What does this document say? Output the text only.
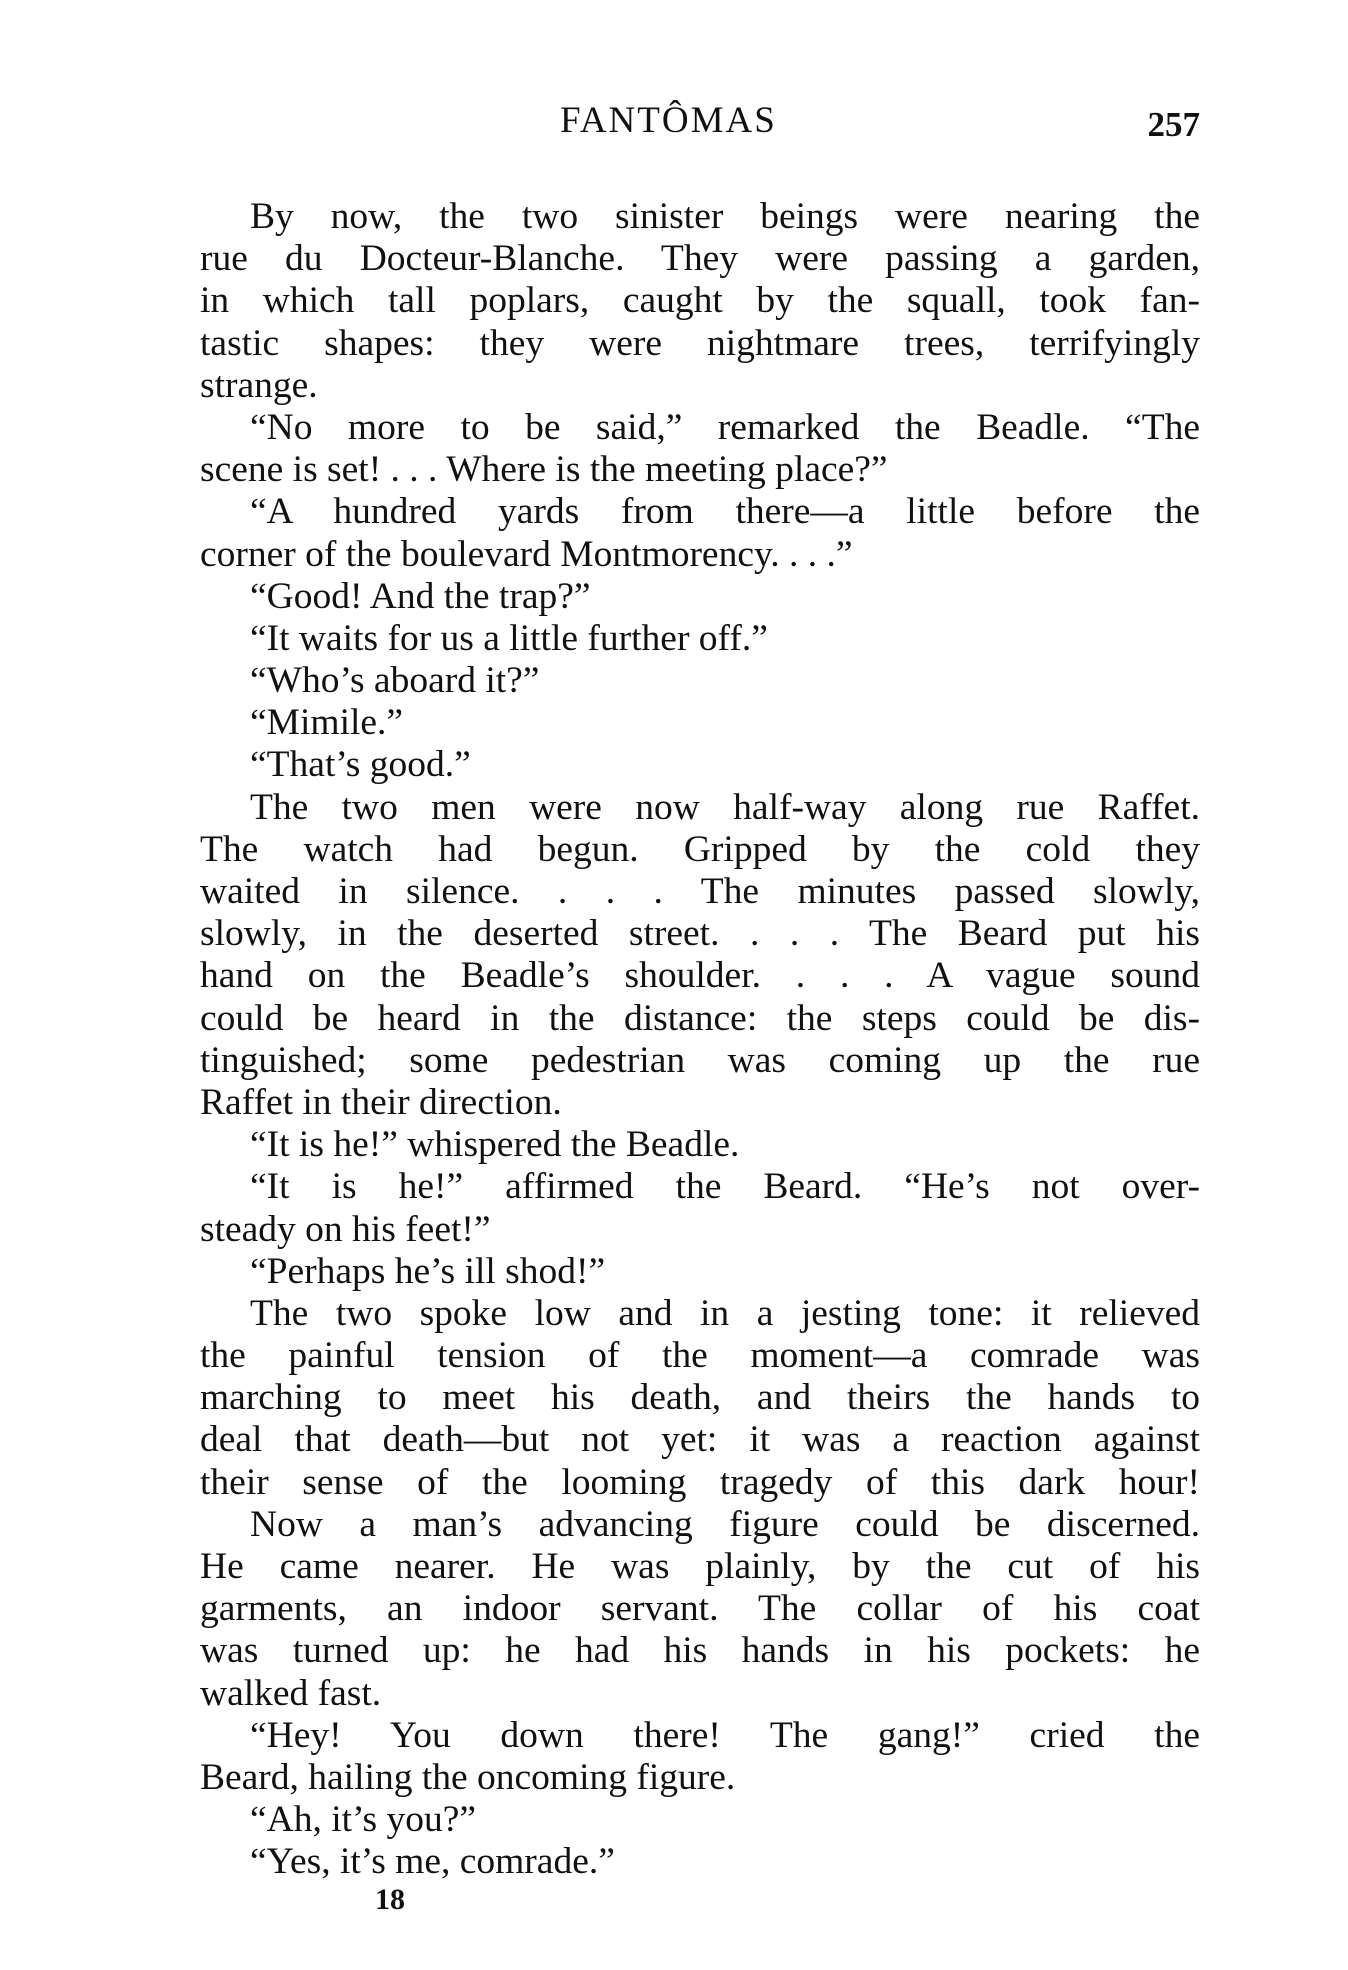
FANTÔMAS	257
By now, the two sinister beings were nearing the
rue du Docteur-Blanche. They were passing a garden,
in which tall poplars, caught by the squall, took fan-
tastic shapes: they were nightmare trees, terrifyingly
strange.
“No more to be said,” remarked the Beadle. “The
scene is set! . . . Where is the meeting place?”
“A hundred yards from there—a little before the
corner of the boulevard Montmorency. . . .”
“Good! And the trap?”
“It waits for us a little further off.”
“Who’s aboard it?”
“Mimile.”
“That’s good.”
The two men were now half-way along rue Raffet.
The watch had begun. Gripped by the cold they
waited in silence. . . . The minutes passed slowly,
slowly, in the deserted street. . . . The Beard put his
hand on the Beadle’s shoulder. . . . A vague sound
could be heard in the distance: the steps could be dis-
tinguished; some pedestrian was coming up the rue
Raffet in their direction.
“It is he!” whispered the Beadle.
“It is he!” affirmed the Beard. “He’s not over-
steady on his feet!”
“Perhaps he’s ill shod!”
The two spoke low and in a jesting tone: it relieved
the painful tension of the moment—a comrade was
marching to meet his death, and theirs the hands to
deal that death—but not yet: it was a reaction against
their sense of the looming tragedy of this dark hour!
Now a man’s advancing figure could be discerned.
He came nearer. He was plainly, by the cut of his
garments, an indoor servant. The collar of his coat
was turned up: he had his hands in his pockets: he
walked fast.
“Hey! You down there! The gang!” cried the
Beard, hailing the oncoming figure.
“Ah, it’s you?”
“Yes, it’s me, comrade.”
18
